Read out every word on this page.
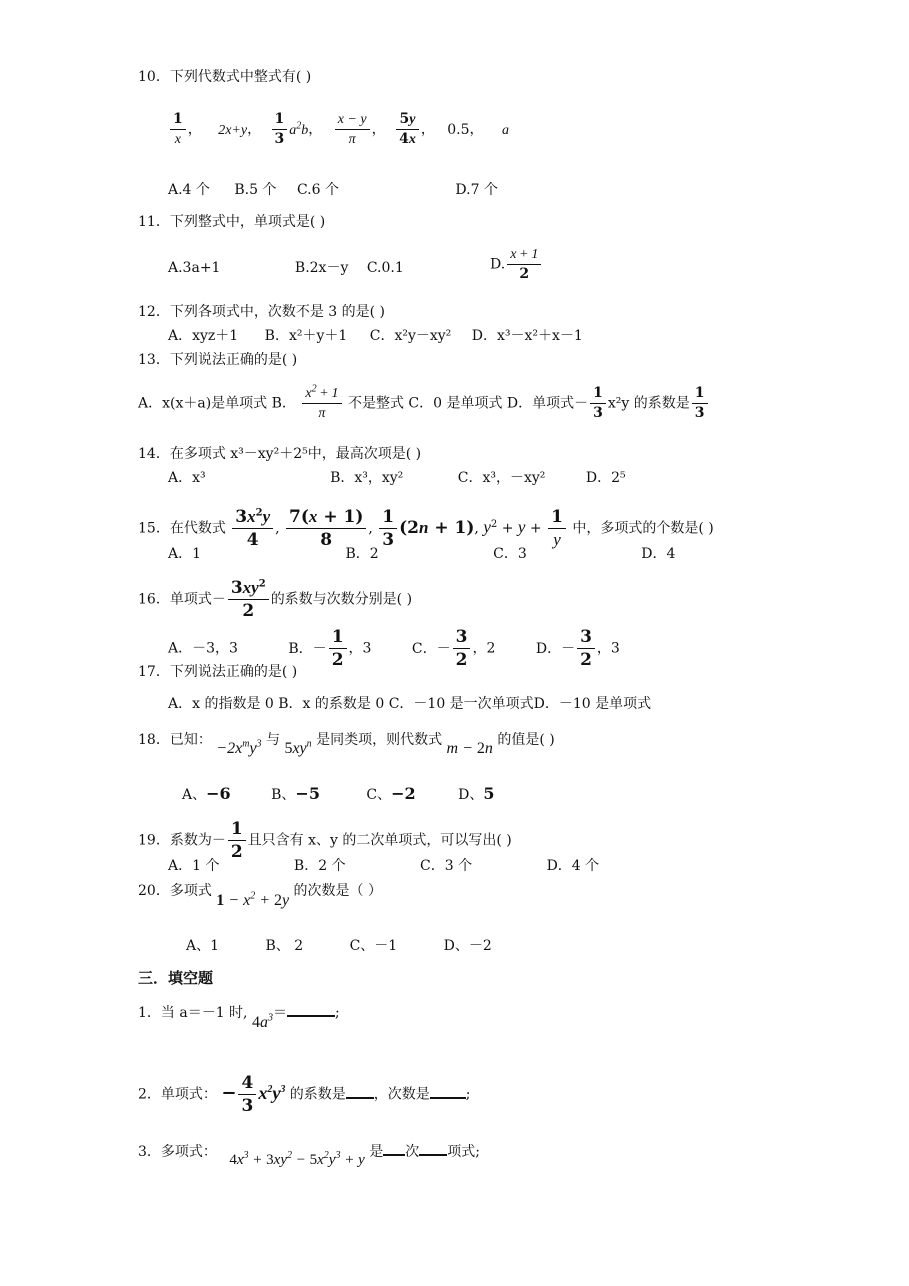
10．下列代数式中整式有( )
$\frac{1}{x}$ ， 2x+y， $\frac{1}{3} a^2b$， $\frac{x - y}{\pi}$ ， $\frac{5y}{4x}$ ， 0.5， a
A.4 个 B.5 个 C.6 个	D.7 个
11．下列整式中，单项式是( )
A.3a+1	B.2x－y C.0.1	D. $\frac{x + 1}{2}$
12．下列各项式中，次数不是 3 的是( )
A．xyz＋1 B．x²＋y＋1 C．x²y－xy² D．x³－x²＋x－1
13．下列说法正确的是( )
A．x(x＋a)是单项式 B． $\frac{x^2 + 1}{\pi}$ 不是整式 C．0 是单项式 D．单项式－ $\frac{1}{3} x^2y$ 的系数是 $\frac{1}{3}$
14．在多项式 x³－xy²＋2⁵中，最高次项是( )
A．x³	B．x³，xy²	C．x³，－xy²	D．2⁵
15．在代数式 $\frac{3x^2y}{4}$ , $\frac{7(x + 1)}{8}$ , $\frac{1}{3} (2n + 1)$, $y^2 + y + \frac{1}{y}$ 中，多项式的个数是( )
A．1	B．2	C．3	D．4
16．单项式－ $\frac{3xy^2}{2}$ 的系数与次数分别是( )
A．－3，3	B．－ $\frac{1}{2}$ ，3	C．－ $\frac{3}{2}$ ，2	D．－ $\frac{3}{2}$ ，3
17．下列说法正确的是( )
A．x 的指数是 0 B．x 的系数是 0 C．－10 是一次单项式D．－10 是单项式
18．已知： $-2x^my^3$ 与 $5xy^n$ 是同类项，则代数式 m − 2n 的值是( )
A、−6	B、−5	C、−2	D、5
19．系数为－ $\frac{1}{2}$ 且只含有 x、y 的二次单项式，可以写出( )
A．1 个	B．2 个	C．3 个	D．4 个
20．多项式 $1 - x^2 + 2y$ 的次数是（ ）
A、1	B、 2	C、－1	D、－2
三．填空题
1．当 a＝－1 时, $4a^3=$	;
2．单项式： − $\frac{4}{3} x^2y^3$ 的系数是 ，次数是	;
3．多项式： $4x^3 + 3xy^2 - 5x^2y^3 + y$ 是 次 项式;
